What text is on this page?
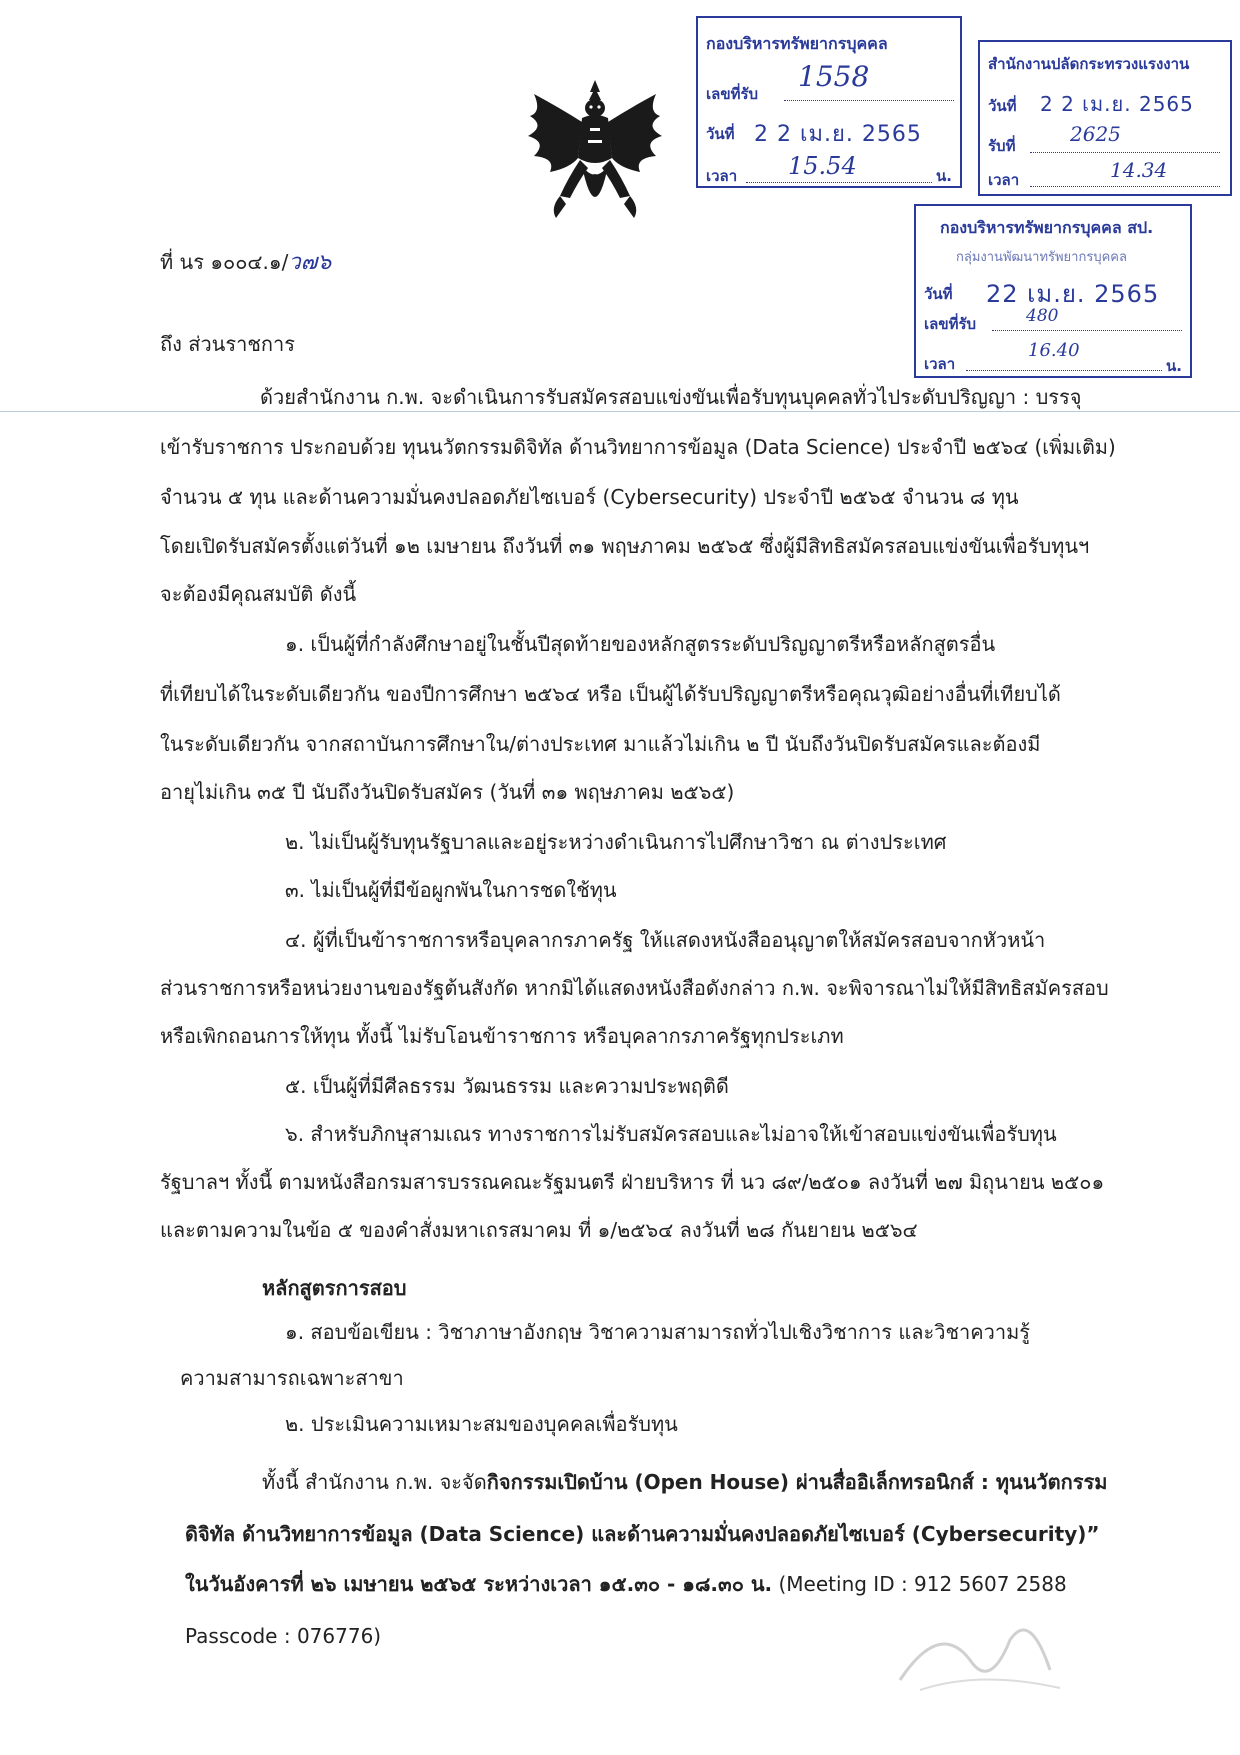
กองบริหารทรัพยากรบุคคล
เลขที่รับ
1558
วันที่ 2 2 เม.ย. 2565
เวลา 15.54	น.
สำนักงานปลัดกระทรวงแรงงาน
วันที่ 2 2 เม.ย. 2565
รับที่	2625
เวลา	14.34
กองบริหารทรัพยากรบุคคล สป.
กลุ่มงานพัฒนาทรัพยากรบุคคล
วันที่ 22 เม.ย. 2565
เลขที่รับ	480
เวลา
16.40
น.
ที่ นร ๑๐๐๔.๑/ว๗๖
ถึง ส่วนราชการ
ด้วยสำนักงาน ก.พ. จะดำเนินการรับสมัครสอบแข่งขันเพื่อรับทุนบุคคลทั่วไประดับปริญญา : บรรจุ
เข้ารับราชการ ประกอบด้วย ทุนนวัตกรรมดิจิทัล ด้านวิทยาการข้อมูล (Data Science) ประจำปี ๒๕๖๔ (เพิ่มเติม)
จำนวน ๕ ทุน และด้านความมั่นคงปลอดภัยไซเบอร์ (Cybersecurity) ประจำปี ๒๕๖๕ จำนวน ๘ ทุน
โดยเปิดรับสมัครตั้งแต่วันที่ ๑๒ เมษายน ถึงวันที่ ๓๑ พฤษภาคม ๒๕๖๕ ซึ่งผู้มีสิทธิสมัครสอบแข่งขันเพื่อรับทุนฯ
จะต้องมีคุณสมบัติ ดังนี้
๑. เป็นผู้ที่กำลังศึกษาอยู่ในชั้นปีสุดท้ายของหลักสูตรระดับปริญญาตรีหรือหลักสูตรอื่น
ที่เทียบได้ในระดับเดียวกัน ของปีการศึกษา ๒๕๖๔ หรือ เป็นผู้ได้รับปริญญาตรีหรือคุณวุฒิอย่างอื่นที่เทียบได้
ในระดับเดียวกัน จากสถาบันการศึกษาใน/ต่างประเทศ มาแล้วไม่เกิน ๒ ปี นับถึงวันปิดรับสมัครและต้องมี
อายุไม่เกิน ๓๕ ปี นับถึงวันปิดรับสมัคร (วันที่ ๓๑ พฤษภาคม ๒๕๖๕)
๒. ไม่เป็นผู้รับทุนรัฐบาลและอยู่ระหว่างดำเนินการไปศึกษาวิชา ณ ต่างประเทศ
๓. ไม่เป็นผู้ที่มีข้อผูกพันในการชดใช้ทุน
๔. ผู้ที่เป็นข้าราชการหรือบุคลากรภาครัฐ ให้แสดงหนังสืออนุญาตให้สมัครสอบจากหัวหน้า
ส่วนราชการหรือหน่วยงานของรัฐต้นสังกัด หากมิได้แสดงหนังสือดังกล่าว ก.พ. จะพิจารณาไม่ให้มีสิทธิสมัครสอบ
หรือเพิกถอนการให้ทุน ทั้งนี้ ไม่รับโอนข้าราชการ หรือบุคลากรภาครัฐทุกประเภท
๕. เป็นผู้ที่มีศีลธรรม วัฒนธรรม และความประพฤติดี
๖. สำหรับภิกษุสามเณร ทางราชการไม่รับสมัครสอบและไม่อาจให้เข้าสอบแข่งขันเพื่อรับทุน
รัฐบาลฯ ทั้งนี้ ตามหนังสือกรมสารบรรณคณะรัฐมนตรี ฝ่ายบริหาร ที่ นว ๘๙/๒๕๐๑ ลงวันที่ ๒๗ มิถุนายน ๒๕๐๑
และตามความในข้อ ๕ ของคำสั่งมหาเถรสมาคม ที่ ๑/๒๕๖๔ ลงวันที่ ๒๘ กันยายน ๒๕๖๔
หลักสูตรการสอบ
๑. สอบข้อเขียน : วิชาภาษาอังกฤษ วิชาความสามารถทั่วไปเชิงวิชาการ และวิชาความรู้
ความสามารถเฉพาะสาขา
๒. ประเมินความเหมาะสมของบุคคลเพื่อรับทุน
ทั้งนี้ สำนักงาน ก.พ. จะจัดกิจกรรมเปิดบ้าน (Open House) ผ่านสื่ออิเล็กทรอนิกส์ : ทุนนวัตกรรม
ดิจิทัล ด้านวิทยาการข้อมูล (Data Science) และด้านความมั่นคงปลอดภัยไซเบอร์ (Cybersecurity)”
ในวันอังคารที่ ๒๖ เมษายน ๒๕๖๕ ระหว่างเวลา ๑๕.๓๐ - ๑๘.๓๐ น. (Meeting ID : 912 5607 2588
Passcode : 076776)
